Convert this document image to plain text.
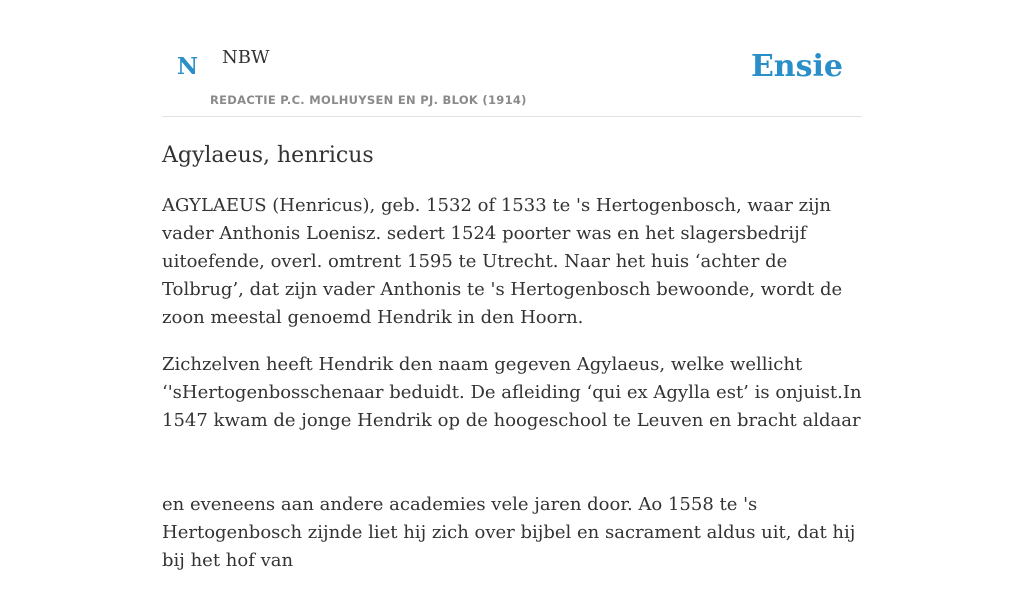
N NBW
REDACTIE P.C. MOLHUYSEN EN PJ. BLOK (1914)
Ensie
Agylaeus, henricus

AGYLAEUS (Henricus), geb. 1532 of 1533 te 's Hertogenbosch, waar zijn vader Anthonis Loenisz. sedert 1524 poorter was en het slagersbedrijf uitoefende, overl. omtrent 1595 te Utrecht. Naar het huis ‘achter de Tolbrug’, dat zijn vader Anthonis te 's Hertogenbosch bewoonde, wordt de zoon meestal genoemd Hendrik in den Hoorn.

Zichzelven heeft Hendrik den naam gegeven Agylaeus, welke wellicht ‘'sHertogenbosschenaar beduidt. De afleiding ‘qui ex Agylla est’ is onjuist.In 1547 kwam de jonge Hendrik op de hoogeschool te Leuven en bracht aldaar

en eveneens aan andere academies vele jaren door. Ao 1558 te 's Hertogenbosch zijnde liet hij zich over bijbel en sacrament aldus uit, dat hij bij het hof van
